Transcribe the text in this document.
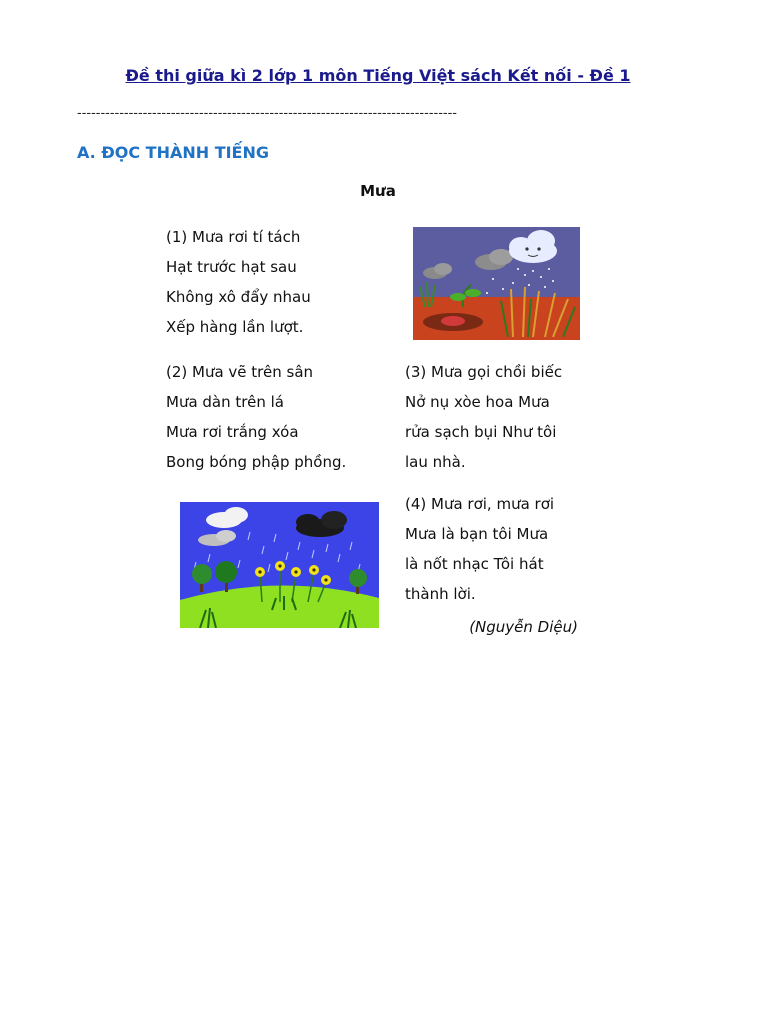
Đề thi giữa kì 2 lớp 1 môn Tiếng Việt sách Kết nối - Đề 1
---------------------------------------------------------------------------------
A. ĐỌC THÀNH TIẾNG
Mưa
(1) Mưa rơi tí tách
Hạt trước hạt sau
Không xô đẩy nhau
Xếp hàng lần lượt.
(2) Mưa vẽ trên sân
Mưa dàn trên lá
Mưa rơi trắng xóa
Bong bóng phập phồng.
(3) Mưa gọi chồi biếc
Nở nụ xòe hoa Mưa
rửa sạch bụi Như tôi
lau nhà.
(4) Mưa rơi, mưa rơi
Mưa là bạn tôi Mưa
là nốt nhạc Tôi hát
thành lời.
(Nguyễn Diệu)
